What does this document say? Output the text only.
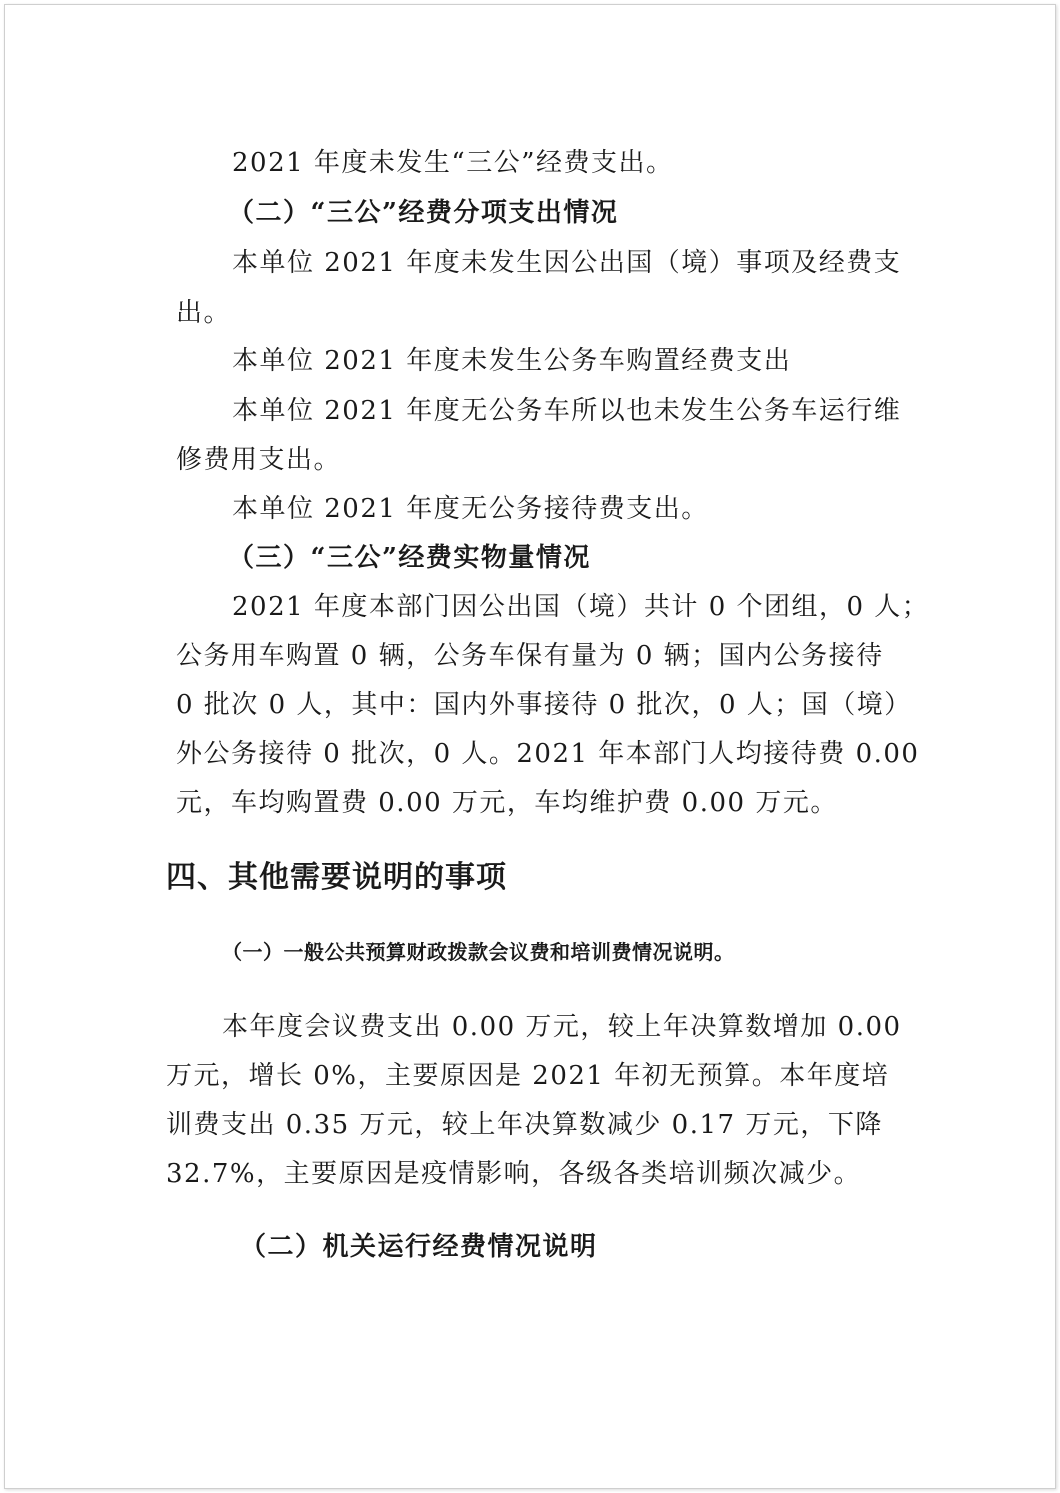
2021 年度未发生“三公”经费支出。
（二）“三公”经费分项支出情况
本单位 2021 年度未发生因公出国（境）事项及经费支
出。
本单位 2021 年度未发生公务车购置经费支出
本单位 2021 年度无公务车所以也未发生公务车运行维
修费用支出。
本单位 2021 年度无公务接待费支出。
（三）“三公”经费实物量情况
2021 年度本部门因公出国（境）共计 0 个团组，0 人；
公务用车购置 0 辆，公务车保有量为 0 辆；国内公务接待
0 批次 0 人，其中：国内外事接待 0 批次，0 人；国（境）
外公务接待 0 批次，0 人。2021 年本部门人均接待费 0.00
元，车均购置费 0.00 万元，车均维护费 0.00 万元。
四、其他需要说明的事项
（一）一般公共预算财政拨款会议费和培训费情况说明。
本年度会议费支出 0.00 万元，较上年决算数增加 0.00
万元，增长 0%，主要原因是 2021 年初无预算。本年度培
训费支出 0.35 万元，较上年决算数减少 0.17 万元，下降
32.7%，主要原因是疫情影响，各级各类培训频次减少。
（二）机关运行经费情况说明
